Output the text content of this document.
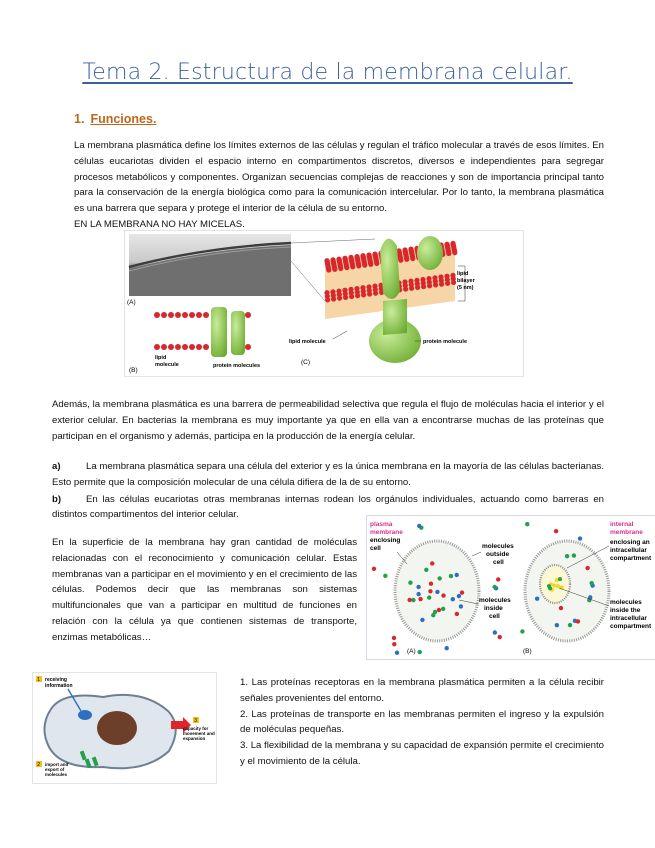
Tema 2. Estructura de la membrana celular.
1. Funciones.
La membrana plasmática define los límites externos de las células y regulan el tráfico molecular a través de esos límites. En células eucariotas dividen el espacio interno en compartimentos discretos, diversos e independientes para segregar procesos metabólicos y componentes. Organizan secuencias complejas de reacciones y son de importancia principal tanto para la conservación de la energía biológica como para la comunicación intercelular. Por lo tanto, la membrana plasmática es una barrera que separa y protege el interior de la célula de su entorno.
EN LA MEMBRANA NO HAY MICELAS.
(A)
lipid
bilayer
(5 nm)
lipid molecule	protein molecule
(C)
lipid
molecule	protein molecules
(B)
Además, la membrana plasmática es una barrera de permeabilidad selectiva que regula el flujo de moléculas hacia el interior y el exterior celular. En bacterias la membrana es muy importante ya que en ella van a encontrarse muchas de las proteínas que participan en el organismo y además, participa en la producción de la energía celular.
a)	La membrana plasmática separa una célula del exterior y es la única membrana en la mayoría de las células bacterianas. Esto permite que la composición molecular de una célula difiera de la de su entorno.
b)	En las células eucariotas otras membranas internas rodean los orgánulos individuales, actuando como barreras en distintos compartimentos del interior celular.
En la superficie de la membrana hay gran cantidad de moléculas relacionadas con el reconocimiento y comunicación celular. Estas membranas van a participar en el movimiento y en el crecimiento de las células. Podemos decir que las membranas son sistemas multifuncionales que van a participar en multitud de funciones en relación con la célula ya que contienen sistemas de transporte, enzimas metabólicas…
plasma
membrane
enclosing
cell	molecules
outside
cell
molecules
inside
cell
(A)	(B)
internal
membrane
enclosing an
intracellular
compartment
molecules
inside the
intracellular
compartment
1 receiving
information
3
capacity for
movement and
expansion
2 import and
export of
molecules
1. Las proteínas receptoras en la membrana plasmática permiten a la célula recibir señales provenientes del entorno.
2. Las proteínas de transporte en las membranas permiten el ingreso y la expulsión de moléculas pequeñas.
3. La flexibilidad de la membrana y su capacidad de expansión permite el crecimiento y el movimiento de la célula.
